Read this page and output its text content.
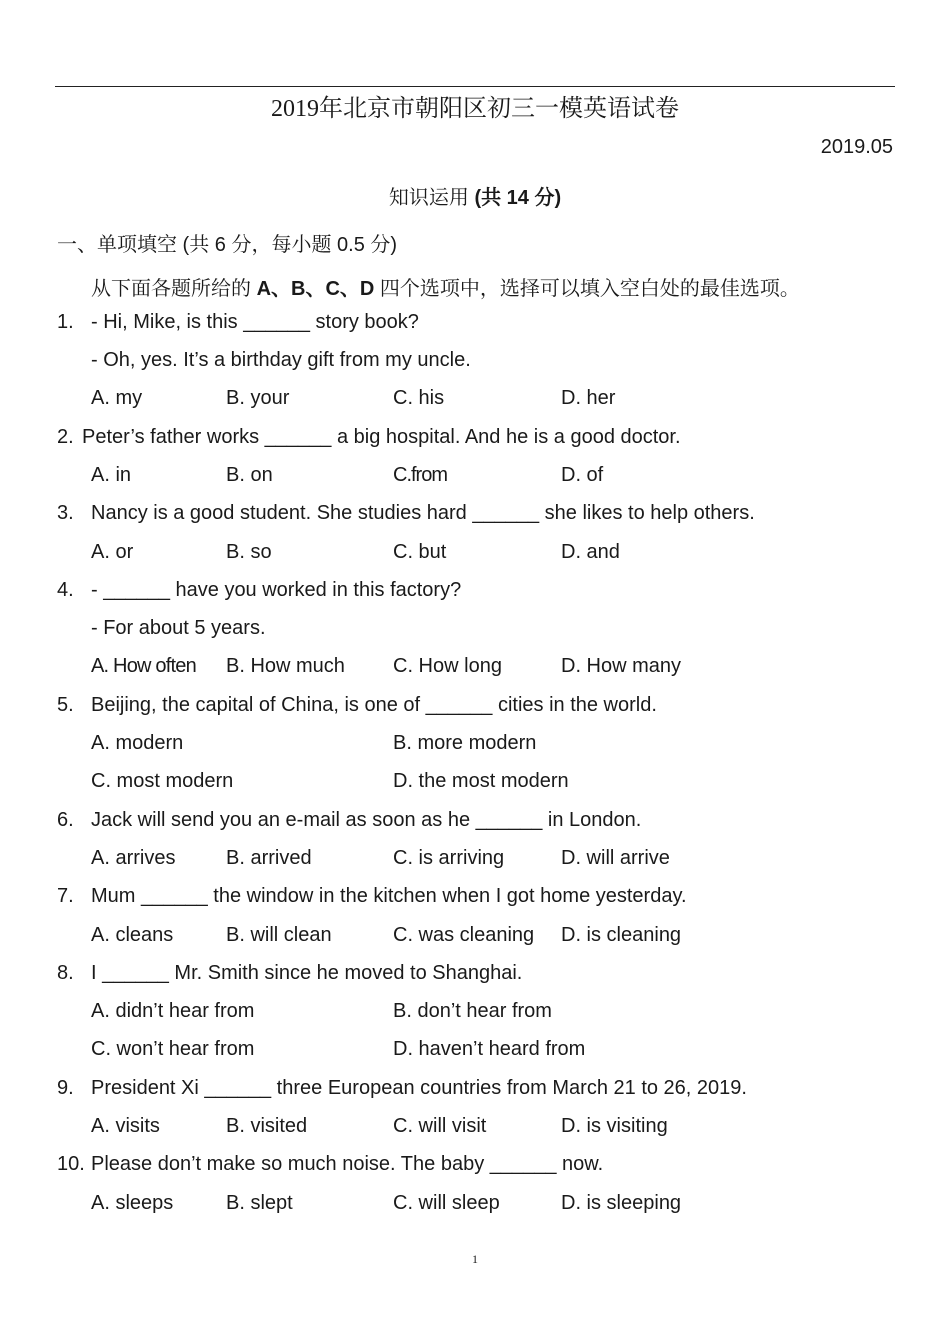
2019年北京市朝阳区初三一模英语试卷
2019.05
知识运用 (共 14 分)
一、单项填空 (共 6 分，每小题 0.5 分)
从下面各题所给的 A、B、C、D 四个选项中，选择可以填入空白处的最佳选项。
1. - Hi, Mike, is this ______ story book?
- Oh, yes. It’s a birthday gift from my uncle.
A. my	B. your	C. his	D. her
2. Peter’s father works ______ a big hospital. And he is a good doctor.
A. in	B. on	C.from	D. of
3. Nancy is a good student. She studies hard ______ she likes to help others.
A. or	B. so	C. but	D. and
4. - ______ have you worked in this factory?
- For about 5 years.
A. How often B. How much C. How long	D. How many
5. Beijing, the capital of China, is one of ______ cities in the world.
A. modern	B. more modern
C. most modern	D. the most modern
6. Jack will send you an e-mail as soon as he ______ in London.
A. arrives	B. arrived	C. is arriving	D. will arrive
7. Mum ______ the window in the kitchen when I got home yesterday.
A. cleans	B. will clean	C. was cleaning D. is cleaning
8. I ______ Mr. Smith since he moved to Shanghai.
A. didn’t hear from	B. don’t hear from
C. won’t hear from	D. haven’t heard from
9. President Xi ______ three European countries from March 21 to 26, 2019.
A. visits	B. visited	C. will visit	D. is visiting
10. Please don’t make so much noise. The baby ______ now.
A. sleeps	B. slept	C. will sleep	D. is sleeping
1
